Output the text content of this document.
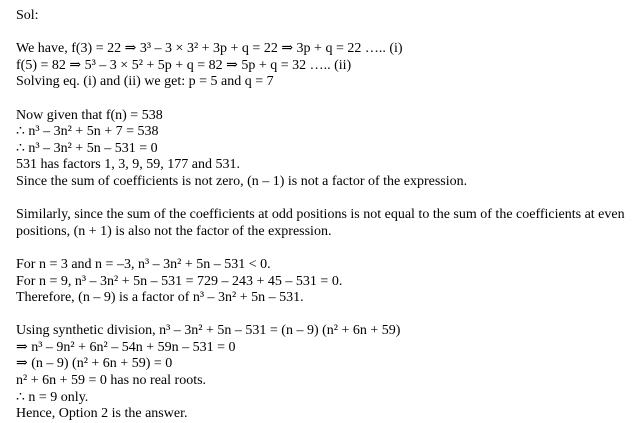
Sol:

We have, f(3) = 22 ⇒ 3³ – 3 × 3² + 3p + q = 22 ⇒ 3p + q = 22 ….. (i)

f(5) = 82 ⇒ 5³ – 3 × 5² + 5p + q = 82 ⇒ 5p + q = 32 ….. (ii)

Solving eq. (i) and (ii) we get: p = 5 and q = 7

Now given that f(n) = 538

∴ n³ – 3n² + 5n + 7 = 538

∴ n³ – 3n² + 5n – 531 = 0

531 has factors 1, 3, 9, 59, 177 and 531.

Since the sum of coefficients is not zero, (n – 1) is not a factor of the expression.

Similarly, since the sum of the coefficients at odd positions is not equal to the sum of the coefficients at even positions, (n + 1) is also not the factor of the expression.

For n = 3 and n = –3, n³ – 3n² + 5n – 531 < 0.

For n = 9, n³ – 3n² + 5n – 531 = 729 – 243 + 45 – 531 = 0.

Therefore, (n – 9) is a factor of n³ – 3n² + 5n – 531.

Using synthetic division, n³ – 3n² + 5n – 531 = (n – 9) (n² + 6n + 59)

⇒ n³ – 9n² + 6n² – 54n + 59n – 531 = 0

⇒ (n – 9) (n² + 6n + 59) = 0

n² + 6n + 59 = 0 has no real roots.

∴ n = 9 only.

Hence, Option 2 is the answer.
